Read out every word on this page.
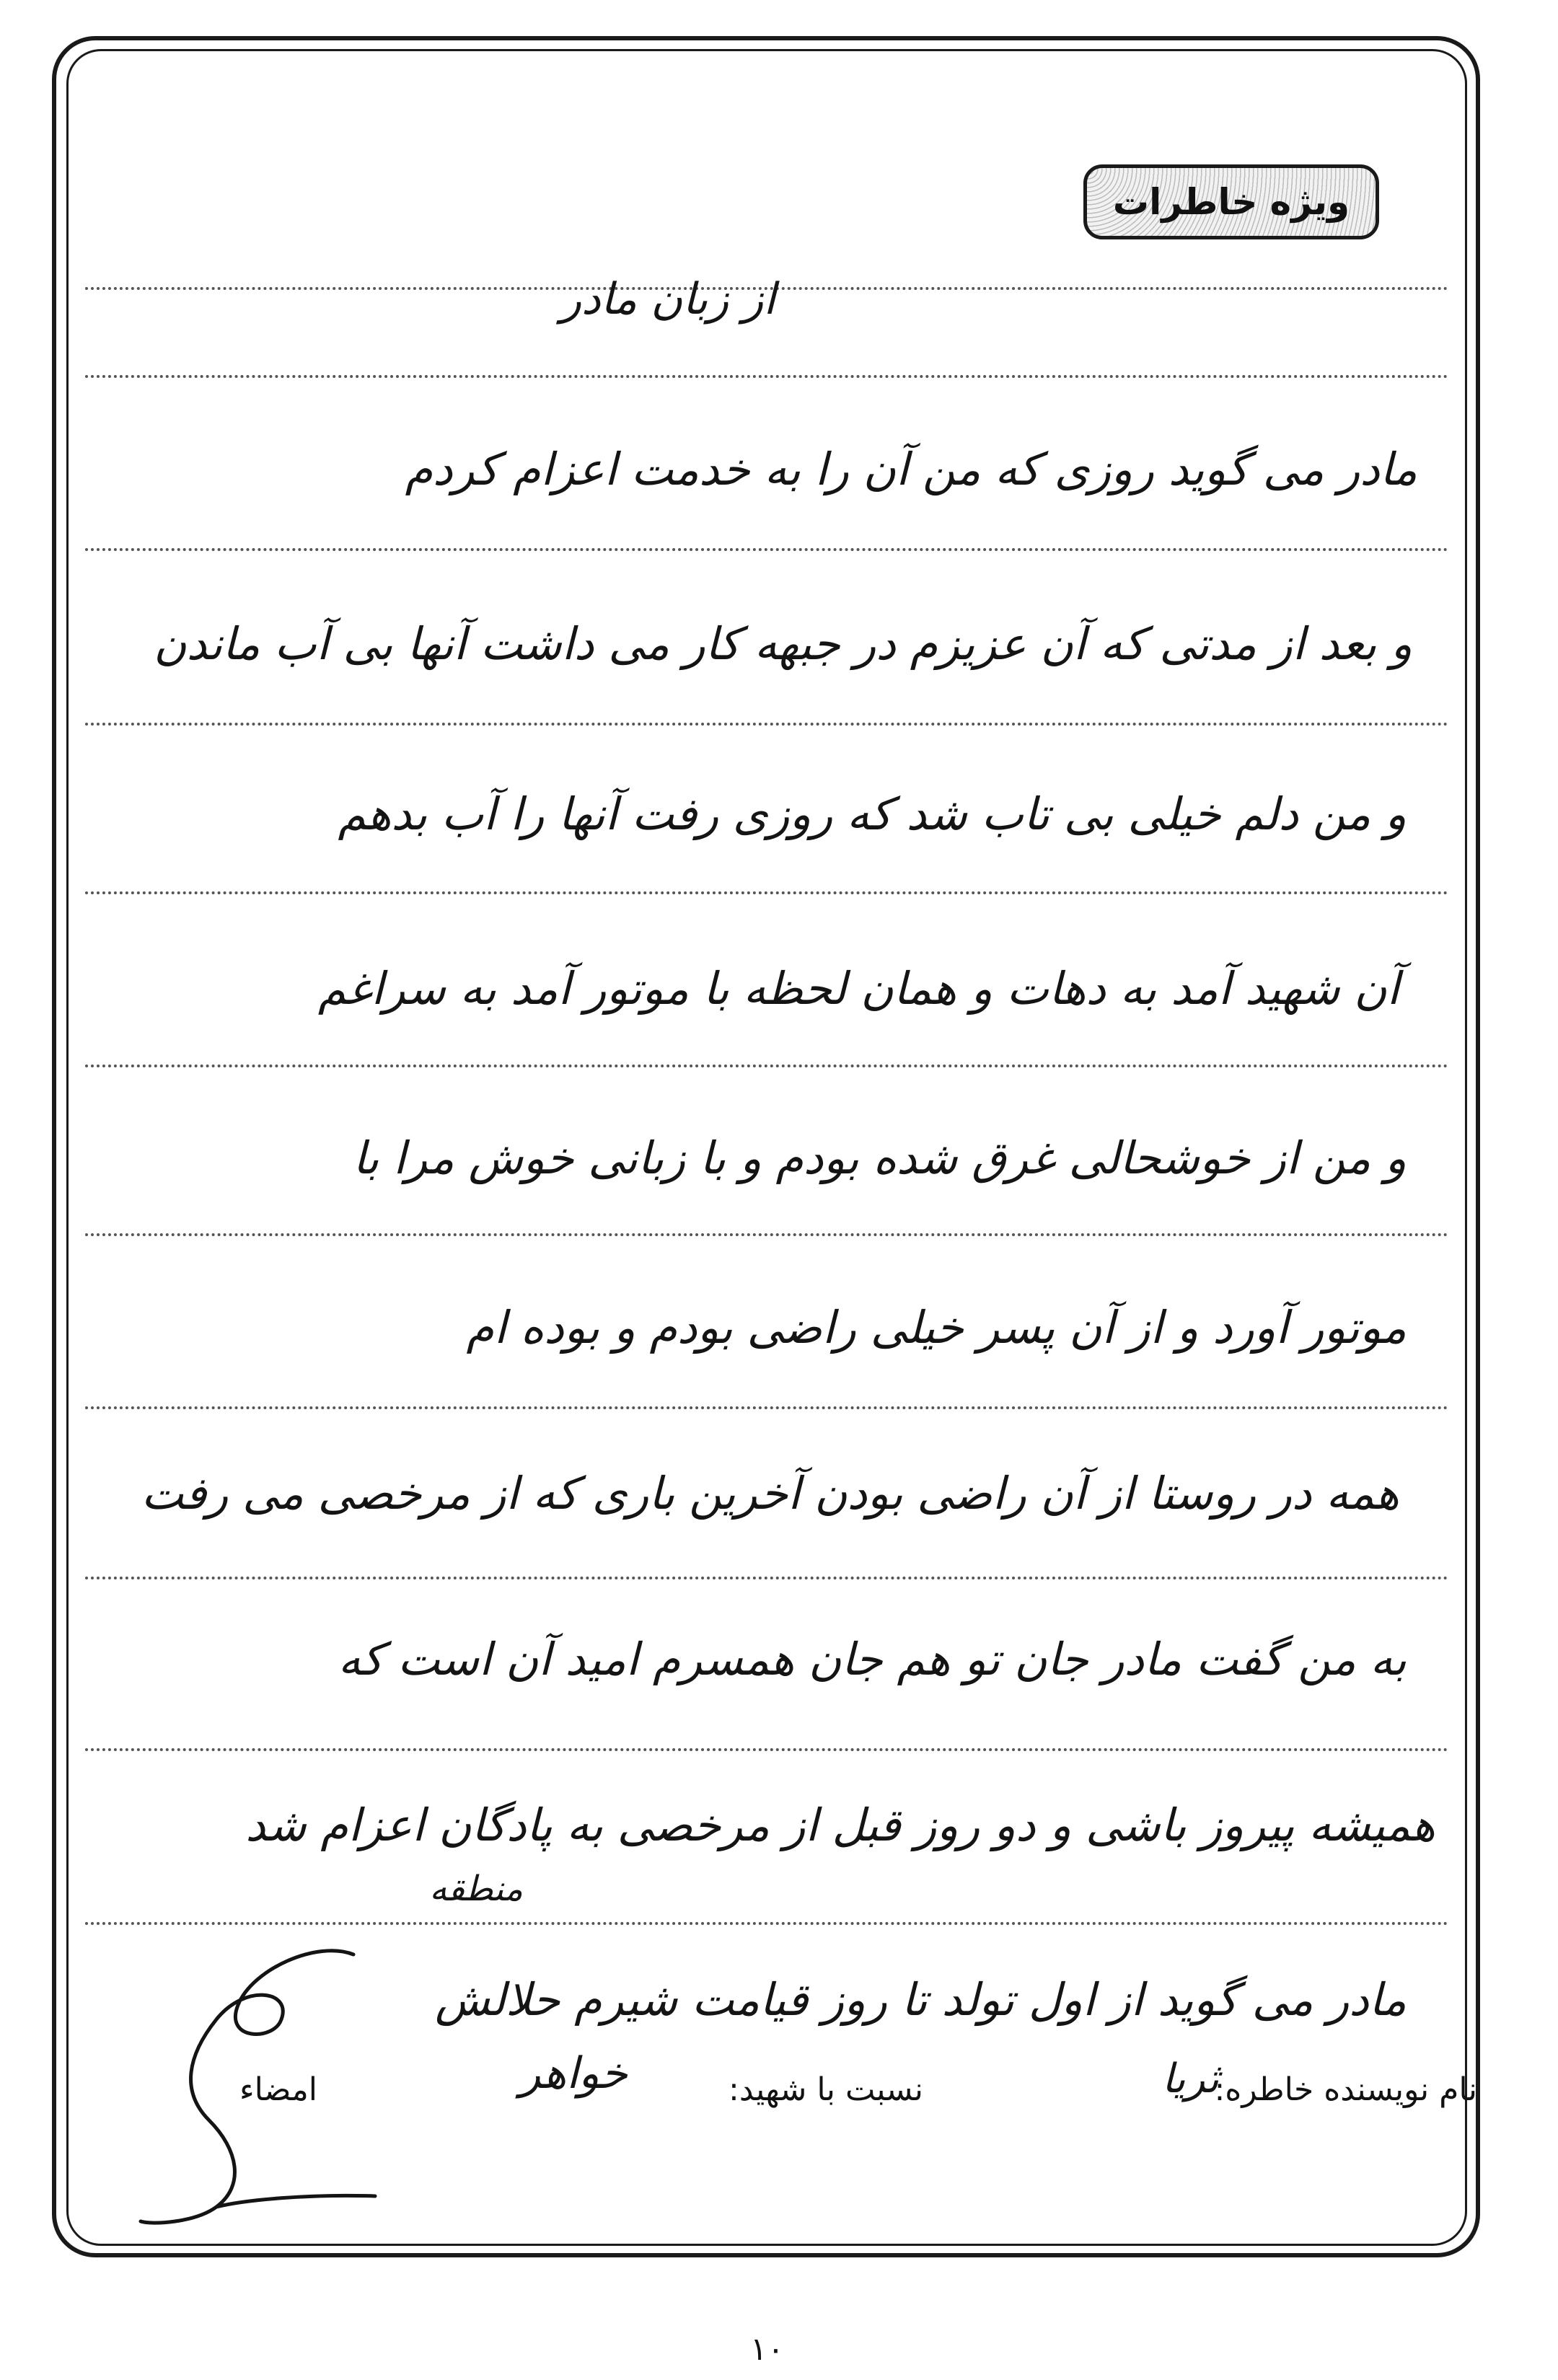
ویژه خاطرات
از زبان مادر
مادر می گوید روزی که من آن را به خدمت اعزام کردم
و بعد از مدتی که آن عزیزم در جبهه کار می داشت آنها بی آب ماندن
و من دلم خیلی بی تاب شد که روزی رفت آنها را آب بدهم
آن شهید آمد به دهات و همان لحظه با موتور آمد به سراغم
و من از خوشحالی غرق شده بودم و با زبانی خوش مرا با
موتور آورد و از آن پسر خیلی راضی بودم و بوده ام
همه در روستا از آن راضی بودن آخرین باری که از مرخصی می رفت
به من گفت مادر جان تو هم جان همسرم امید آن است که
همیشه پیروز باشی و دو روز قبل از مرخصی به پادگان اعزام شد
منطقه
مادر می گوید از اول تولد تا روز قیامت شیرم حلالش
نام نویسنده خاطره:
ثریا
نسبت با شهید:
خواهر
امضاء
۱۰
